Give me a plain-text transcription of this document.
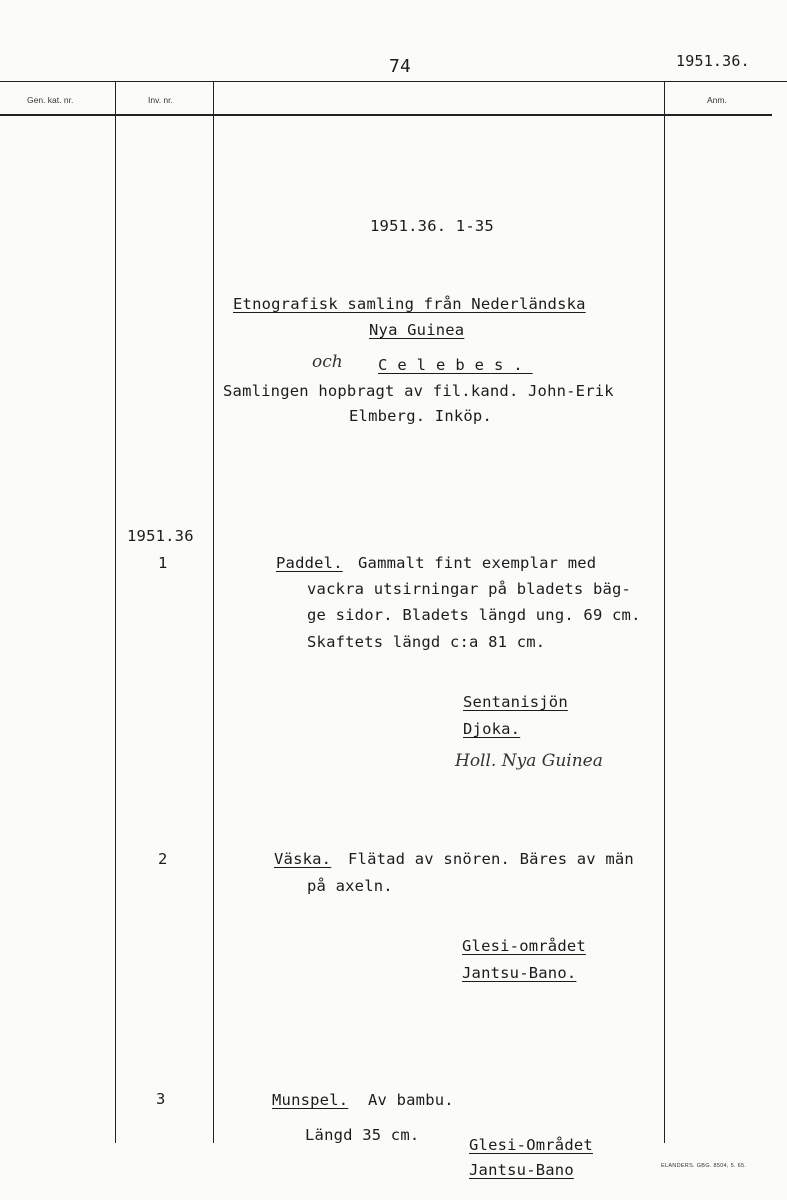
74	1951.36.
Gen. kat. nr.	Inv. nr.	Anm.
1951.36. 1-35
Etnografisk samling från Nederländska
Nya Guinea
och Celebes.
Samlingen hopbragt av fil.kand. John-Erik
Elmberg. Inköp.
1951.36
1	Paddel. Gammalt fint exemplar med
vackra utsirningar på bladets bäg-
ge sidor. Bladets längd ung. 69 cm.
Skaftets längd c:a 81 cm.
Sentanisjön
Djoka.
Holl. Nya Guinea
2	Väska. Flätad av snören. Bäres av män
på axeln.
Glesi-området
Jantsu-Bano.
3	Munspel. Av bambu.
Längd 35 cm.
Glesi-Området
Jantsu-Bano	ELANDERS. GBG. 8504, 5. 65.
